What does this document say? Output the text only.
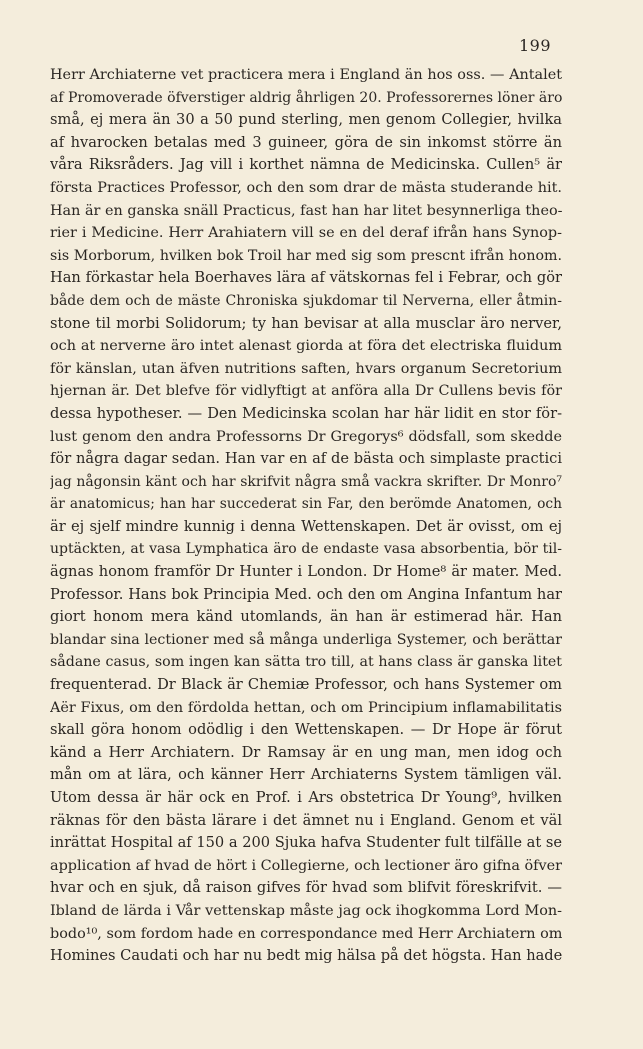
199
Herr Archiaterne vet practicera mera i England än hos oss. — Antalet
af Promoverade öfverstiger aldrig åhrligen 20. Professorernes löner äro
små, ej mera än 30 a 50 pund sterling, men genom Collegier, hvilka
af hvarocken betalas med 3 guineer, göra de sin inkomst större än
våra Riksråders. Jag vill i korthet nämna de Medicinska. Cullen⁵ är
första Practices Professor, och den som drar de mästa studerande hit.
Han är en ganska snäll Practicus, fast han har litet besynnerliga theo-
rier i Medicine. Herr Arahiatern vill se en del deraf ifrån hans Synop-
sis Morborum, hvilken bok Troil har med sig som prescnt ifrån honom.
Han förkastar hela Boerhaves lära af vätskornas fel i Febrar, och gör
både dem och de mäste Chroniska sjukdomar til Nerverna, eller åtmin-
stone til morbi Solidorum; ty han bevisar at alla musclar äro nerver,
och at nerverne äro intet alenast giorda at föra det electriska fluidum
för känslan, utan äfven nutritions saften, hvars organum Secretorium
hjernan är. Det blefve för vidlyftigt at anföra alla Dr Cullens bevis för
dessa hypotheser. — Den Medicinska scolan har här lidit en stor för-
lust genom den andra Professorns Dr Gregorys⁶ dödsfall, som skedde
för några dagar sedan. Han var en af de bästa och simplaste practici
jag någonsin känt och har skrifvit några små vackra skrifter. Dr Monro⁷
är anatomicus; han har succederat sin Far, den berömde Anatomen, och
är ej sjelf mindre kunnig i denna Wettenskapen. Det är ovisst, om ej
uptäckten, at vasa Lymphatica äro de endaste vasa absorbentia, bör til-
ägnas honom framför Dr Hunter i London. Dr Home⁸ är mater. Med.
Professor. Hans bok Principia Med. och den om Angina Infantum har
giort honom mera känd utomlands, än han är estimerad här. Han
blandar sina lectioner med så många underliga Systemer, och berättar
sådane casus, som ingen kan sätta tro till, at hans class är ganska litet
frequenterad. Dr Black är Chemiæ Professor, och hans Systemer om
Aër Fixus, om den fördolda hettan, och om Principium inflamabilitatis
skall göra honom odödlig i den Wettenskapen. — Dr Hope är förut
känd a Herr Archiatern. Dr Ramsay är en ung man, men idog och
mån om at lära, och känner Herr Archiaterns System tämligen väl.
Utom dessa är här ock en Prof. i Ars obstetrica Dr Young⁹, hvilken
räknas för den bästa lärare i det ämnet nu i England. Genom et väl
inrättat Hospital af 150 a 200 Sjuka hafva Studenter fult tilfälle at se
application af hvad de hört i Collegierne, och lectioner äro gifna öfver
hvar och en sjuk, då raison gifves för hvad som blifvit föreskrifvit. —
Ibland de lärda i Vår vettenskap måste jag ock ihogkomma Lord Mon-
bodo¹⁰, som fordom hade en correspondance med Herr Archiatern om
Homines Caudati och har nu bedt mig hälsa på det högsta. Han hade
